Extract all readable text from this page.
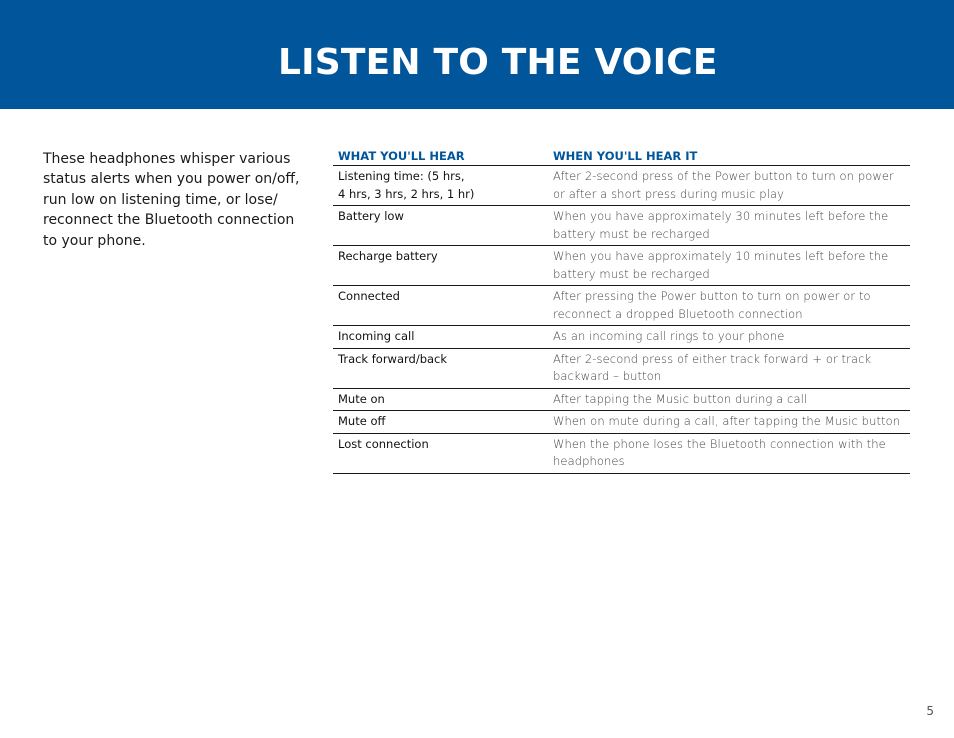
LISTEN TO THE VOICE

These headphones whisper various status alerts when you power on/off, run low on listening time, or lose/ reconnect the Bluetooth connection to your phone.

WHAT YOU'LL HEAR	WHEN YOU'LL HEAR IT
Listening time: (5 hrs,
4 hrs, 3 hrs, 2 hrs, 1 hr)	After 2-second press of the Power button to turn on power or after a short press during music play
Battery low	When you have approximately 30 minutes left before the battery must be recharged
Recharge battery	When you have approximately 10 minutes left before the battery must be recharged
Connected	After pressing the Power button to turn on power or to reconnect a dropped Bluetooth connection
Incoming call	As an incoming call rings to your phone
Track forward/back	After 2-second press of either track forward + or track backward – button
Mute on	After tapping the Music button during a call
Mute off	When on mute during a call, after tapping the Music button
Lost connection	When the phone loses the Bluetooth connection with the headphones
5
